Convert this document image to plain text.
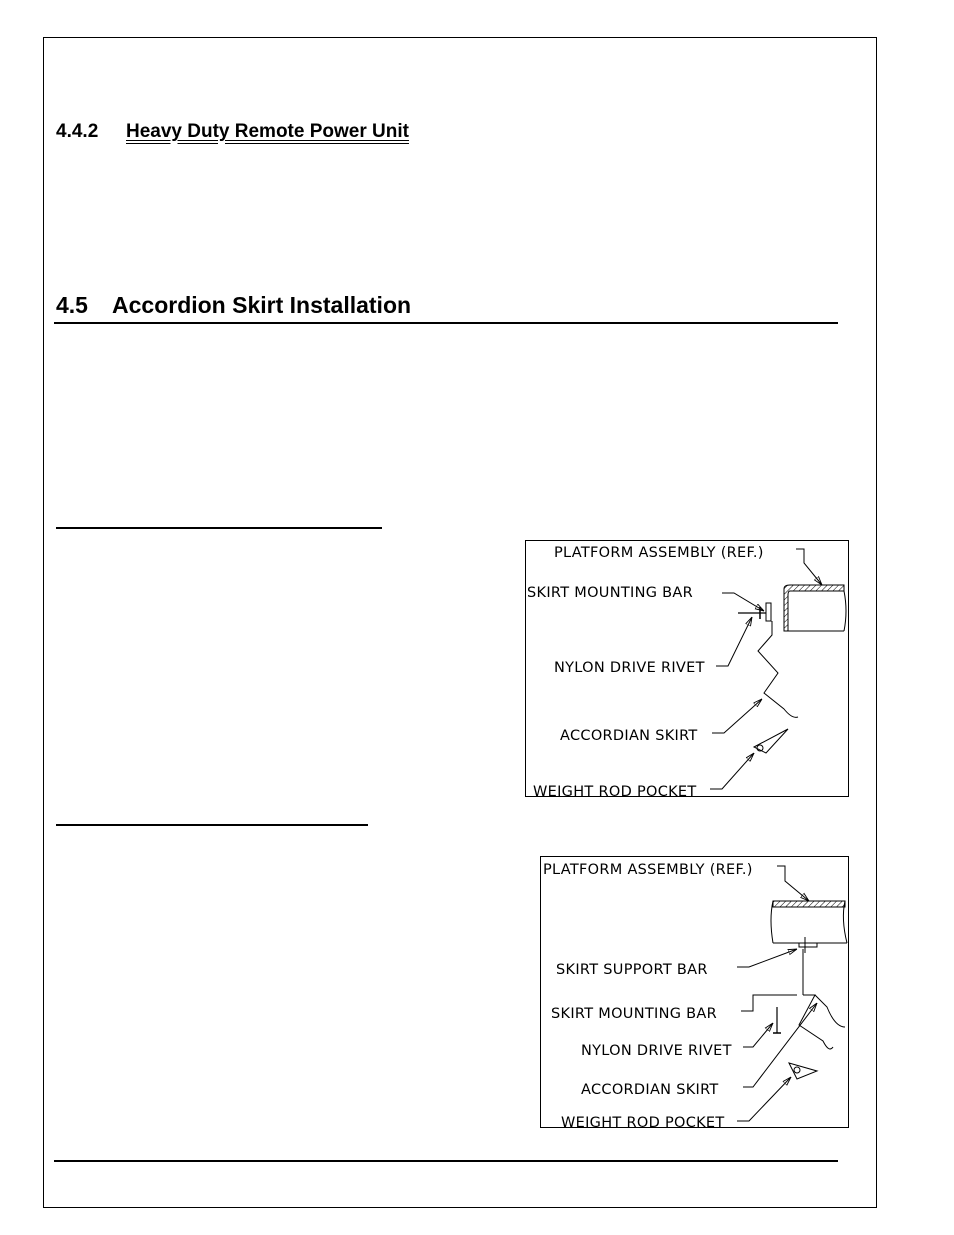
4.4.2 Heavy Duty Remote Power Unit
4.5 Accordion Skirt Installation
PLATFORM ASSEMBLY (REF.)
SKIRT MOUNTING BAR
NYLON DRIVE RIVET
ACCORDIAN SKIRT
WEIGHT ROD POCKET
PLATFORM ASSEMBLY (REF.)
SKIRT SUPPORT BAR
SKIRT MOUNTING BAR
NYLON DRIVE RIVET
ACCORDIAN SKIRT
WEIGHT ROD POCKET
